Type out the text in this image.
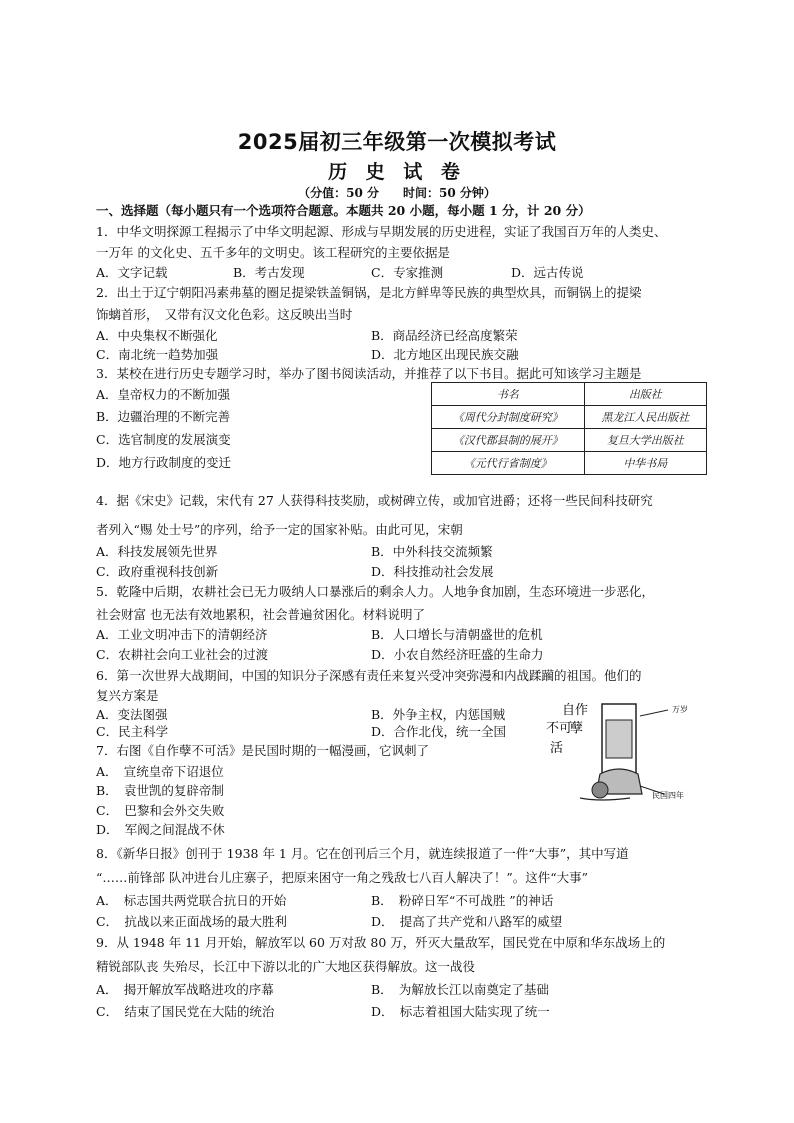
2025届初三年级第一次模拟考试
历 史 试 卷
（分值：50 分　　时间：50 分钟）
一、选择题（每小题只有一个选项符合题意。本题共 20 小题，每小题 1 分，计 20 分）
1．中华文明探源工程揭示了中华文明起源、形成与早期发展的历史进程，实证了我国百万年的人类史、
一万年 的文化史、五千多年的文明史。该工程研究的主要依据是
A．文字记载	B．考古发现	C．专家推测	D．远古传说
2．出土于辽宁朝阳冯素弗墓的圈足提梁铁盖铜锅，是北方鲜卑等民族的典型炊具，而铜锅上的提梁
饰螭首形，　又带有汉文化色彩。这反映出当时
A．中央集权不断强化	B．商品经济已经高度繁荣
C．南北统一趋势加强	D．北方地区出现民族交融
3．某校在进行历史专题学习时，举办了图书阅读活动，并推荐了以下书目。据此可知该学习主题是
A．皇帝权力的不断加强
B．边疆治理的不断完善
C．选官制度的发展演变
D．地方行政制度的变迁
书名	出版社
《周代分封制度研究》	黑龙江人民出版社
《汉代郡县制的展开》	复旦大学出版社
《元代行省制度》	中华书局
4．据《宋史》记载，宋代有 27 人获得科技奖励，或树碑立传，或加官进爵；还将一些民间科技研究
者列入“赐 处士号”的序列，给予一定的国家补贴。由此可见，宋朝
A．科技发展领先世界	B．中外科技交流频繁
C．政府重视科技创新	D．科技推动社会发展
5．乾隆中后期，农耕社会已无力吸纳人口暴涨后的剩余人力。人地争食加剧，生态环境进一步恶化，
社会财富 也无法有效地累积，社会普遍贫困化。材料说明了
A．工业文明冲击下的清朝经济	B．人口增长与清朝盛世的危机
C．农耕社会向工业社会的过渡	D．小农自然经济旺盛的生命力
6．第一次世界大战期间，中国的知识分子深感有责任来复兴受冲突弥漫和内战蹂躏的祖国。他们的
复兴方案是
A．变法图强	B．外争主权，内惩国贼
C．民主科学	D．合作北伐，统一全国
7．右图《自作孽不可活》是民国时期的一幅漫画，它讽刺了
A．　宣统皇帝下诏退位
B．　袁世凯的复辟帝制
C．　巴黎和会外交失败
D．　军阀之间混战不休
自作
不可
孽
活
万岁
民国四年
8．《新华日报》创刊于 1938 年 1 月。它在创刊后三个月，就连续报道了一件“大事”，其中写道
“……前锋部 队冲进台儿庄寨子，把原来困守一角之残敌七八百人解决了！”。这件“大事”
A．　标志国共两党联合抗日的开始	B．　粉碎日军“不可战胜 ”的神话
C．　抗战以来正面战场的最大胜利	D．　提高了共产党和八路军的威望
9．从 1948 年 11 月开始，解放军以 60 万对敌 80 万，歼灭大量敌军，国民党在中原和华东战场上的
精锐部队丧 失殆尽，长江中下游以北的广大地区获得解放。这一战役
A．　揭开解放军战略进攻的序幕	B．　为解放长江以南奠定了基础
C．　结束了国民党在大陆的统治	D．　标志着祖国大陆实现了统一
